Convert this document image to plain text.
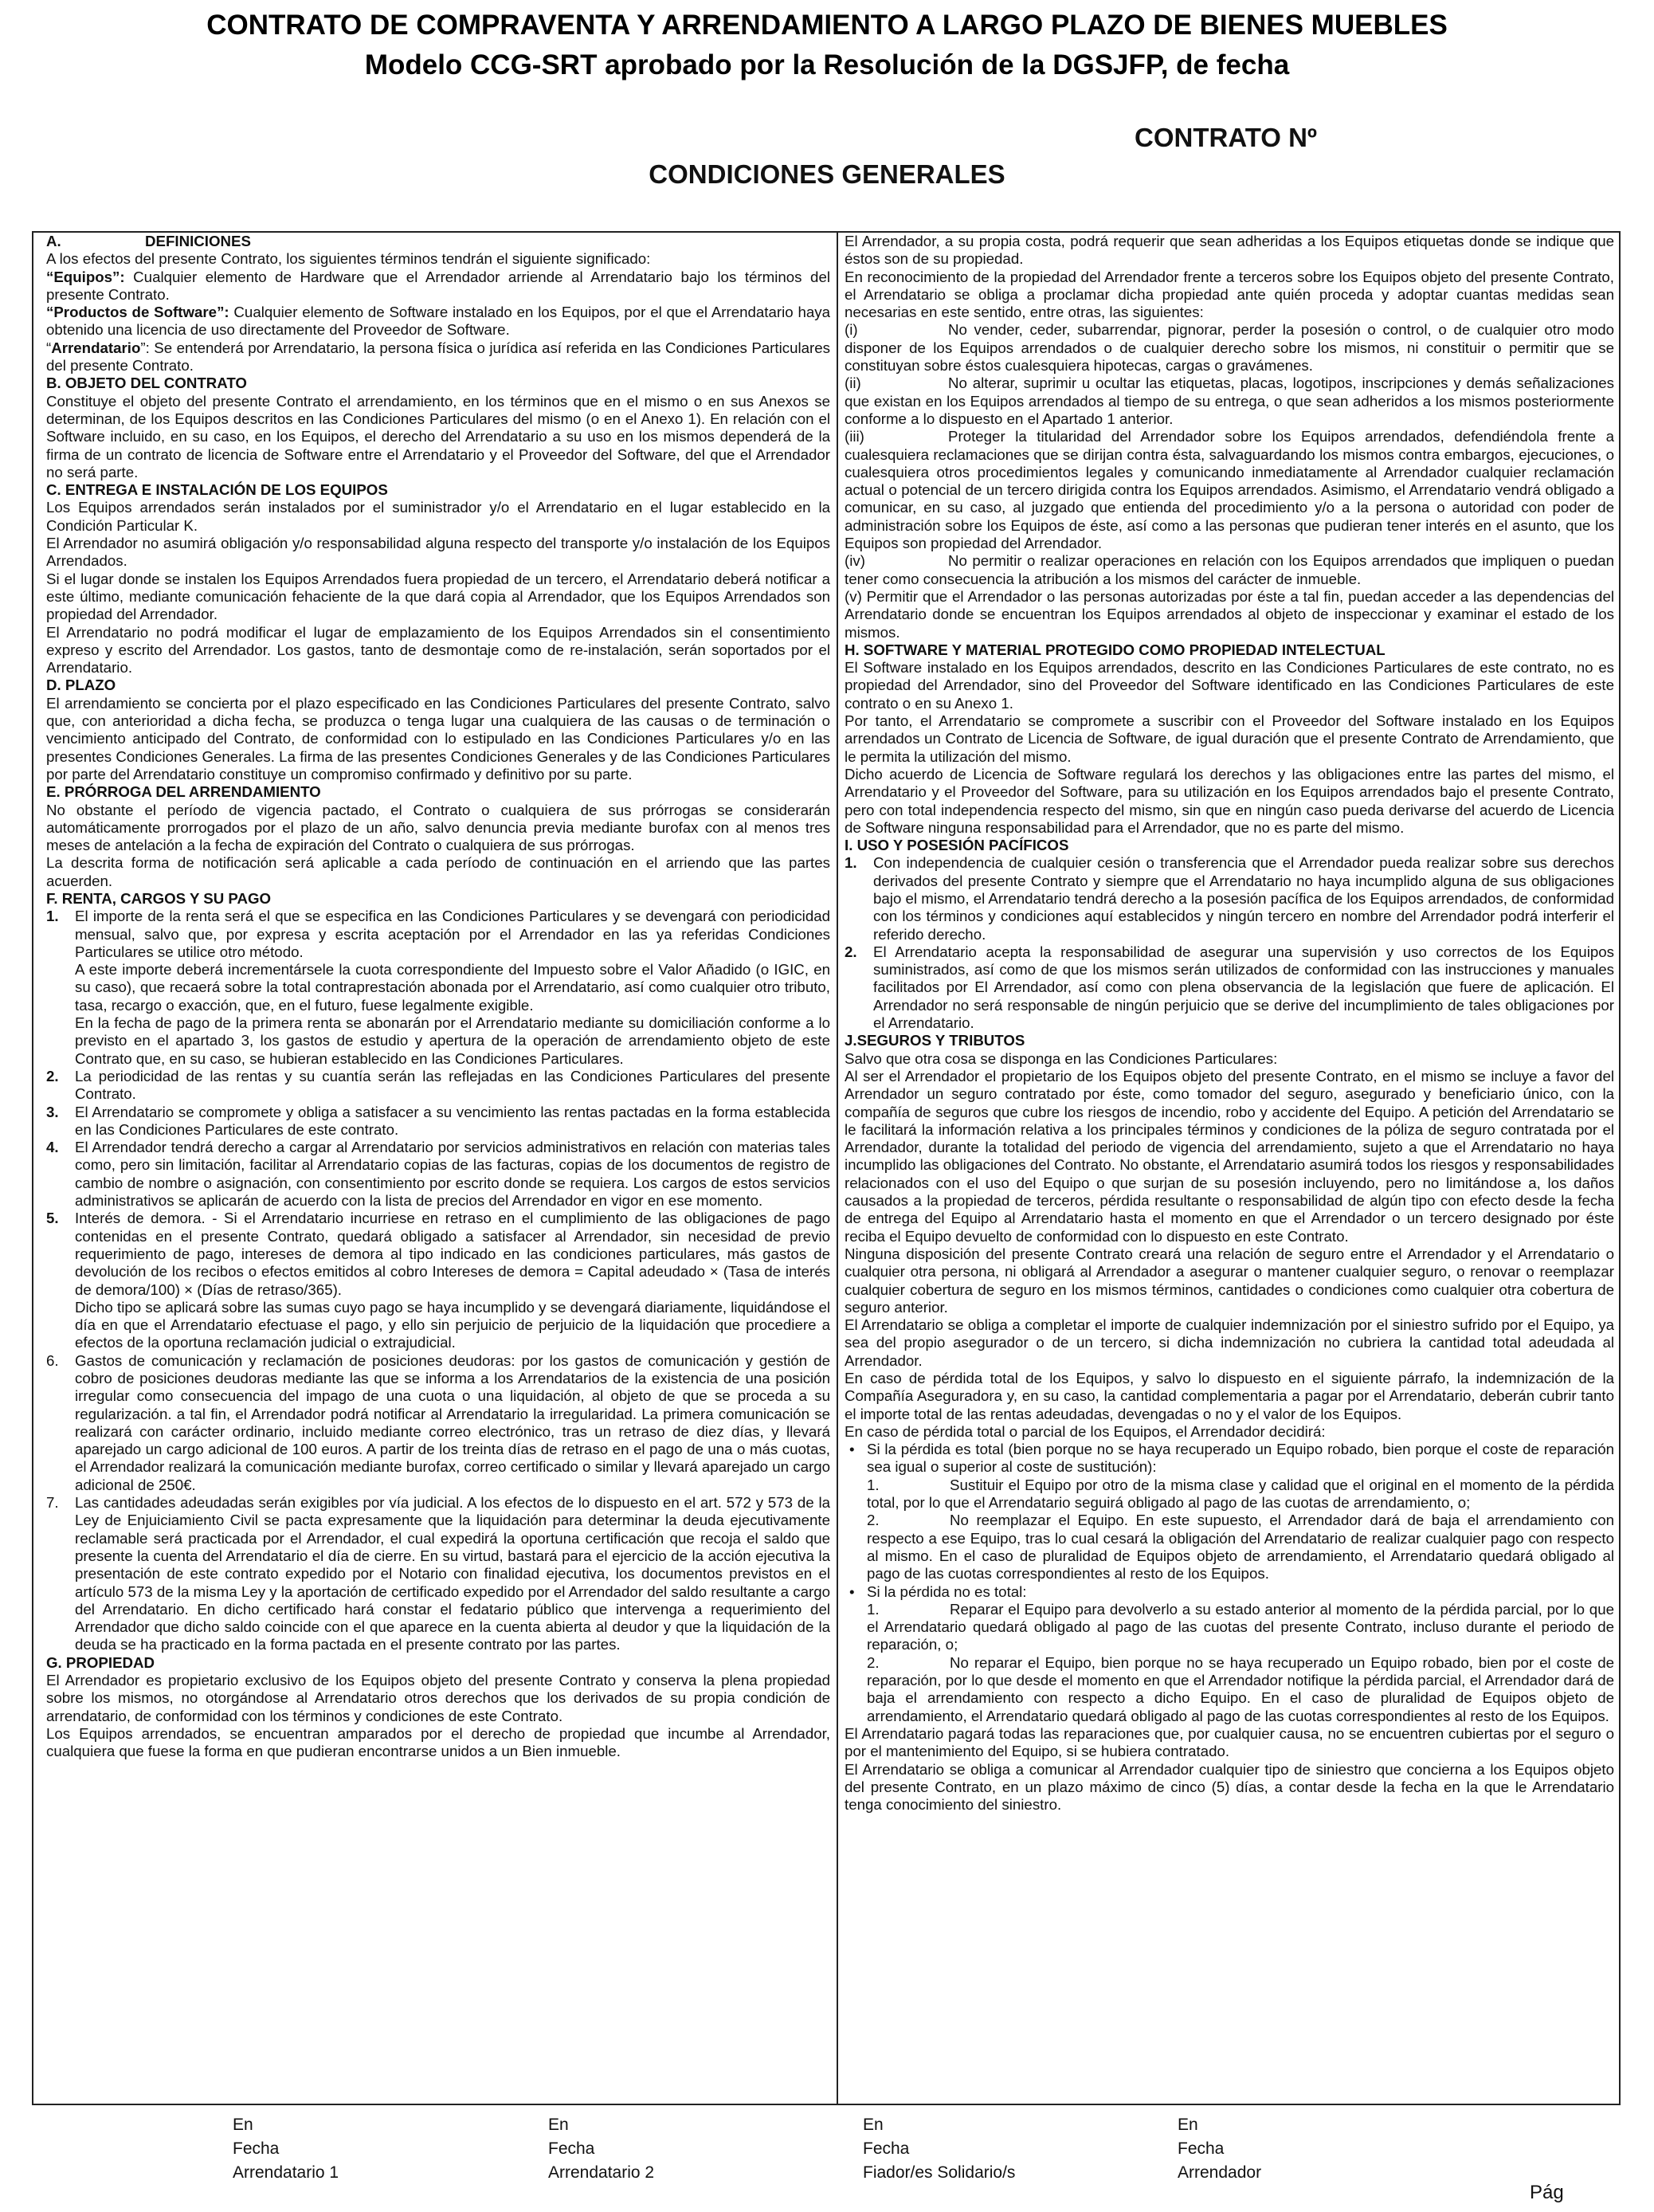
CONTRATO DE COMPRAVENTA Y ARRENDAMIENTO A LARGO PLAZO DE BIENES MUEBLES
Modelo CCG-SRT aprobado por la Resolución de la DGSJFP, de fecha
CONTRATO Nº
CONDICIONES GENERALES

A.	DEFINICIONES

A los efectos del presente Contrato, los siguientes términos tendrán el siguiente significado:

“Equipos”: Cualquier elemento de Hardware que el Arrendador arriende al Arrendatario bajo los términos del presente Contrato.

“Productos de Software”: Cualquier elemento de Software instalado en los Equipos, por el que el Arrendatario haya obtenido una licencia de uso directamente del Proveedor de Software.

“Arrendatario”: Se entenderá por Arrendatario, la persona física o jurídica así referida en las Condiciones Particulares del presente Contrato.

B. OBJETO DEL CONTRATO

Constituye el objeto del presente Contrato el arrendamiento, en los términos que en el mismo o en sus Anexos se determinan, de los Equipos descritos en las Condiciones Particulares del mismo (o en el Anexo 1). En relación con el Software incluido, en su caso, en los Equipos, el derecho del Arrendatario a su uso en los mismos dependerá de la firma de un contrato de licencia de Software entre el Arrendatario y el Proveedor del Software, del que el Arrendador no será parte.

C. ENTREGA E INSTALACIÓN DE LOS EQUIPOS

Los Equipos arrendados serán instalados por el suministrador y/o el Arrendatario en el lugar establecido en la Condición Particular K.

El Arrendador no asumirá obligación y/o responsabilidad alguna respecto del transporte y/o instalación de los Equipos Arrendados.

Si el lugar donde se instalen los Equipos Arrendados fuera propiedad de un tercero, el Arrendatario deberá notificar a este último, mediante comunicación fehaciente de la que dará copia al Arrendador, que los Equipos Arrendados son propiedad del Arrendador.

El Arrendatario no podrá modificar el lugar de emplazamiento de los Equipos Arrendados sin el consentimiento expreso y escrito del Arrendador. Los gastos, tanto de desmontaje como de re-instalación, serán soportados por el Arrendatario.

D. PLAZO

El arrendamiento se concierta por el plazo especificado en las Condiciones Particulares del presente Contrato, salvo que, con anterioridad a dicha fecha, se produzca o tenga lugar una cualquiera de las causas o de terminación o vencimiento anticipado del Contrato, de conformidad con lo estipulado en las Condiciones Particulares y/o en las presentes Condiciones Generales. La firma de las presentes Condiciones Generales y de las Condiciones Particulares por parte del Arrendatario constituye un compromiso confirmado y definitivo por su parte.

E. PRÓRROGA DEL ARRENDAMIENTO

No obstante el período de vigencia pactado, el Contrato o cualquiera de sus prórrogas se considerarán automáticamente prorrogados por el plazo de un año, salvo denuncia previa mediante burofax con al menos tres meses de antelación a la fecha de expiración del Contrato o cualquiera de sus prórrogas.

La descrita forma de notificación será aplicable a cada período de continuación en el arriendo que las partes acuerden.

F. RENTA, CARGOS Y SU PAGO

1. El importe de la renta será el que se especifica en las Condiciones Particulares y se devengará con periodicidad mensual, salvo que, por expresa y escrita aceptación por el Arrendador en las ya referidas Condiciones Particulares se utilice otro método.

A este importe deberá incrementársele la cuota correspondiente del Impuesto sobre el Valor Añadido (o IGIC, en su caso), que recaerá sobre la total contraprestación abonada por el Arrendatario, así como cualquier otro tributo, tasa, recargo o exacción, que, en el futuro, fuese legalmente exigible.

En la fecha de pago de la primera renta se abonarán por el Arrendatario mediante su domiciliación conforme a lo previsto en el apartado 3, los gastos de estudio y apertura de la operación de arrendamiento objeto de este Contrato que, en su caso, se hubieran establecido en las Condiciones Particulares.

2. La periodicidad de las rentas y su cuantía serán las reflejadas en las Condiciones Particulares del presente Contrato.

3. El Arrendatario se compromete y obliga a satisfacer a su vencimiento las rentas pactadas en la forma establecida en las Condiciones Particulares de este contrato.

4. El Arrendador tendrá derecho a cargar al Arrendatario por servicios administrativos en relación con materias tales como, pero sin limitación, facilitar al Arrendatario copias de las facturas, copias de los documentos de registro de cambio de nombre o asignación, con consentimiento por escrito donde se requiera. Los cargos de estos servicios administrativos se aplicarán de acuerdo con la lista de precios del Arrendador en vigor en ese momento.

5. Interés de demora. - Si el Arrendatario incurriese en retraso en el cumplimiento de las obligaciones de pago contenidas en el presente Contrato, quedará obligado a satisfacer al Arrendador, sin necesidad de previo requerimiento de pago, intereses de demora al tipo indicado en las condiciones particulares, más gastos de devolución de los recibos o efectos emitidos al cobro Intereses de demora = Capital adeudado × (Tasa de interés de demora/100) × (Días de retraso/365).

Dicho tipo se aplicará sobre las sumas cuyo pago se haya incumplido y se devengará diariamente, liquidándose el día en que el Arrendatario efectuase el pago, y ello sin perjuicio de perjuicio de la liquidación que procediere a efectos de la oportuna reclamación judicial o extrajudicial.

6. Gastos de comunicación y reclamación de posiciones deudoras: por los gastos de comunicación y gestión de cobro de posiciones deudoras mediante las que se informa a los Arrendatarios de la existencia de una posición irregular como consecuencia del impago de una cuota o una liquidación, al objeto de que se proceda a su regularización. a tal fin, el Arrendador podrá notificar al Arrendatario la irregularidad. La primera comunicación se realizará con carácter ordinario, incluido mediante correo electrónico, tras un retraso de diez días, y llevará aparejado un cargo adicional de 100 euros. A partir de los treinta días de retraso en el pago de una o más cuotas, el Arrendador realizará la comunicación mediante burofax, correo certificado o similar y llevará aparejado un cargo adicional de 250€.

7. Las cantidades adeudadas serán exigibles por vía judicial. A los efectos de lo dispuesto en el art. 572 y 573 de la Ley de Enjuiciamiento Civil se pacta expresamente que la liquidación para determinar la deuda ejecutivamente reclamable será practicada por el Arrendador, el cual expedirá la oportuna certificación que recoja el saldo que presente la cuenta del Arrendatario el día de cierre. En su virtud, bastará para el ejercicio de la acción ejecutiva la presentación de este contrato expedido por el Notario con finalidad ejecutiva, los documentos previstos en el artículo 573 de la misma Ley y la aportación de certificado expedido por el Arrendador del saldo resultante a cargo del Arrendatario. En dicho certificado hará constar el fedatario público que intervenga a requerimiento del Arrendador que dicho saldo coincide con el que aparece en la cuenta abierta al deudor y que la liquidación de la deuda se ha practicado en la forma pactada en el presente contrato por las partes.

G. PROPIEDAD

El Arrendador es propietario exclusivo de los Equipos objeto del presente Contrato y conserva la plena propiedad sobre los mismos, no otorgándose al Arrendatario otros derechos que los derivados de su propia condición de arrendatario, de conformidad con los términos y condiciones de este Contrato.

Los Equipos arrendados, se encuentran amparados por el derecho de propiedad que incumbe al Arrendador, cualquiera que fuese la forma en que pudieran encontrarse unidos a un Bien inmueble.

El Arrendador, a su propia costa, podrá requerir que sean adheridas a los Equipos etiquetas donde se indique que éstos son de su propiedad.

En reconocimiento de la propiedad del Arrendador frente a terceros sobre los Equipos objeto del presente Contrato, el Arrendatario se obliga a proclamar dicha propiedad ante quién proceda y adoptar cuantas medidas sean necesarias en este sentido, entre otras, las siguientes:

(i)	No vender, ceder, subarrendar, pignorar, perder la posesión o control, o de cualquier otro modo disponer de los Equipos arrendados o de cualquier derecho sobre los mismos, ni constituir o permitir que se constituyan sobre éstos cualesquiera hipotecas, cargas o gravámenes.

(ii)	No alterar, suprimir u ocultar las etiquetas, placas, logotipos, inscripciones y demás señalizaciones que existan en los Equipos arrendados al tiempo de su entrega, o que sean adheridos a los mismos posteriormente conforme a lo dispuesto en el Apartado 1 anterior.

(iii)	Proteger la titularidad del Arrendador sobre los Equipos arrendados, defendiéndola frente a cualesquiera reclamaciones que se dirijan contra ésta, salvaguardando los mismos contra embargos, ejecuciones, o cualesquiera otros procedimientos legales y comunicando inmediatamente al Arrendador cualquier reclamación actual o potencial de un tercero dirigida contra los Equipos arrendados. Asimismo, el Arrendatario vendrá obligado a comunicar, en su caso, al juzgado que entienda del procedimiento y/o a la persona o autoridad con poder de administración sobre los Equipos de éste, así como a las personas que pudieran tener interés en el asunto, que los Equipos son propiedad del Arrendador.

(iv)	No permitir o realizar operaciones en relación con los Equipos arrendados que impliquen o puedan tener como consecuencia la atribución a los mismos del carácter de inmueble.

(v) Permitir que el Arrendador o las personas autorizadas por éste a tal fin, puedan acceder a las dependencias del Arrendatario donde se encuentran los Equipos arrendados al objeto de inspeccionar y examinar el estado de los mismos.

H. SOFTWARE Y MATERIAL PROTEGIDO COMO PROPIEDAD INTELECTUAL

El Software instalado en los Equipos arrendados, descrito en las Condiciones Particulares de este contrato, no es propiedad del Arrendador, sino del Proveedor del Software identificado en las Condiciones Particulares de este contrato o en su Anexo 1.

Por tanto, el Arrendatario se compromete a suscribir con el Proveedor del Software instalado en los Equipos arrendados un Contrato de Licencia de Software, de igual duración que el presente Contrato de Arrendamiento, que le permita la utilización del mismo.

Dicho acuerdo de Licencia de Software regulará los derechos y las obligaciones entre las partes del mismo, el Arrendatario y el Proveedor del Software, para su utilización en los Equipos arrendados bajo el presente Contrato, pero con total independencia respecto del mismo, sin que en ningún caso pueda derivarse del acuerdo de Licencia de Software ninguna responsabilidad para el Arrendador, que no es parte del mismo.

I. USO Y POSESIÓN PACÍFICOS

1. Con independencia de cualquier cesión o transferencia que el Arrendador pueda realizar sobre sus derechos derivados del presente Contrato y siempre que el Arrendatario no haya incumplido alguna de sus obligaciones bajo el mismo, el Arrendatario tendrá derecho a la posesión pacífica de los Equipos arrendados, de conformidad con los términos y condiciones aquí establecidos y ningún tercero en nombre del Arrendador podrá interferir el referido derecho.

2. El Arrendatario acepta la responsabilidad de asegurar una supervisión y uso correctos de los Equipos suministrados, así como de que los mismos serán utilizados de conformidad con las instrucciones y manuales facilitados por El Arrendador, así como con plena observancia de la legislación que fuere de aplicación. El Arrendador no será responsable de ningún perjuicio que se derive del incumplimiento de tales obligaciones por el Arrendatario.

J.SEGUROS Y TRIBUTOS

Salvo que otra cosa se disponga en las Condiciones Particulares:

Al ser el Arrendador el propietario de los Equipos objeto del presente Contrato, en el mismo se incluye a favor del Arrendador un seguro contratado por éste, como tomador del seguro, asegurado y beneficiario único, con la compañía de seguros que cubre los riesgos de incendio, robo y accidente del Equipo. A petición del Arrendatario se le facilitará la información relativa a los principales términos y condiciones de la póliza de seguro contratada por el Arrendador, durante la totalidad del periodo de vigencia del arrendamiento, sujeto a que el Arrendatario no haya incumplido las obligaciones del Contrato. No obstante, el Arrendatario asumirá todos los riesgos y responsabilidades relacionados con el uso del Equipo o que surjan de su posesión incluyendo, pero no limitándose a, los daños causados a la propiedad de terceros, pérdida resultante o responsabilidad de algún tipo con efecto desde la fecha de entrega del Equipo al Arrendatario hasta el momento en que el Arrendador o un tercero designado por éste reciba el Equipo devuelto de conformidad con lo dispuesto en este Contrato.

Ninguna disposición del presente Contrato creará una relación de seguro entre el Arrendador y el Arrendatario o cualquier otra persona, ni obligará al Arrendador a asegurar o mantener cualquier seguro, o renovar o reemplazar cualquier cobertura de seguro en los mismos términos, cantidades o condiciones como cualquier otra cobertura de seguro anterior.

El Arrendatario se obliga a completar el importe de cualquier indemnización por el siniestro sufrido por el Equipo, ya sea del propio asegurador o de un tercero, si dicha indemnización no cubriera la cantidad total adeudada al Arrendador.

En caso de pérdida total de los Equipos, y salvo lo dispuesto en el siguiente párrafo, la indemnización de la Compañía Aseguradora y, en su caso, la cantidad complementaria a pagar por el Arrendatario, deberán cubrir tanto el importe total de las rentas adeudadas, devengadas o no y el valor de los Equipos.

En caso de pérdida total o parcial de los Equipos, el Arrendador decidirá:

• Si la pérdida es total (bien porque no se haya recuperado un Equipo robado, bien porque el coste de reparación sea igual o superior al coste de sustitución):

1.	Sustituir el Equipo por otro de la misma clase y calidad que el original en el momento de la pérdida total, por lo que el Arrendatario seguirá obligado al pago de las cuotas de arrendamiento, o;

2.	No reemplazar el Equipo. En este supuesto, el Arrendador dará de baja el arrendamiento con respecto a ese Equipo, tras lo cual cesará la obligación del Arrendatario de realizar cualquier pago con respecto al mismo. En el caso de pluralidad de Equipos objeto de arrendamiento, el Arrendatario quedará obligado al pago de las cuotas correspondientes al resto de los Equipos.

• Si la pérdida no es total:

1.	Reparar el Equipo para devolverlo a su estado anterior al momento de la pérdida parcial, por lo que el Arrendatario quedará obligado al pago de las cuotas del presente Contrato, incluso durante el periodo de reparación, o;

2.	No reparar el Equipo, bien porque no se haya recuperado un Equipo robado, bien por el coste de reparación, por lo que desde el momento en que el Arrendador notifique la pérdida parcial, el Arrendador dará de baja el arrendamiento con respecto a dicho Equipo. En el caso de pluralidad de Equipos objeto de arrendamiento, el Arrendatario quedará obligado al pago de las cuotas correspondientes al resto de los Equipos.

El Arrendatario pagará todas las reparaciones que, por cualquier causa, no se encuentren cubiertas por el seguro o por el mantenimiento del Equipo, si se hubiera contratado.

El Arrendatario se obliga a comunicar al Arrendador cualquier tipo de siniestro que concierna a los Equipos objeto del presente Contrato, en un plazo máximo de cinco (5) días, a contar desde la fecha en la que le Arrendatario tenga conocimiento del siniestro.

En
Fecha
Arrendatario 1
En
Fecha
Arrendatario 2
En
Fecha
Fiador/es Solidario/s
En
Fecha
Arrendador
Pág
